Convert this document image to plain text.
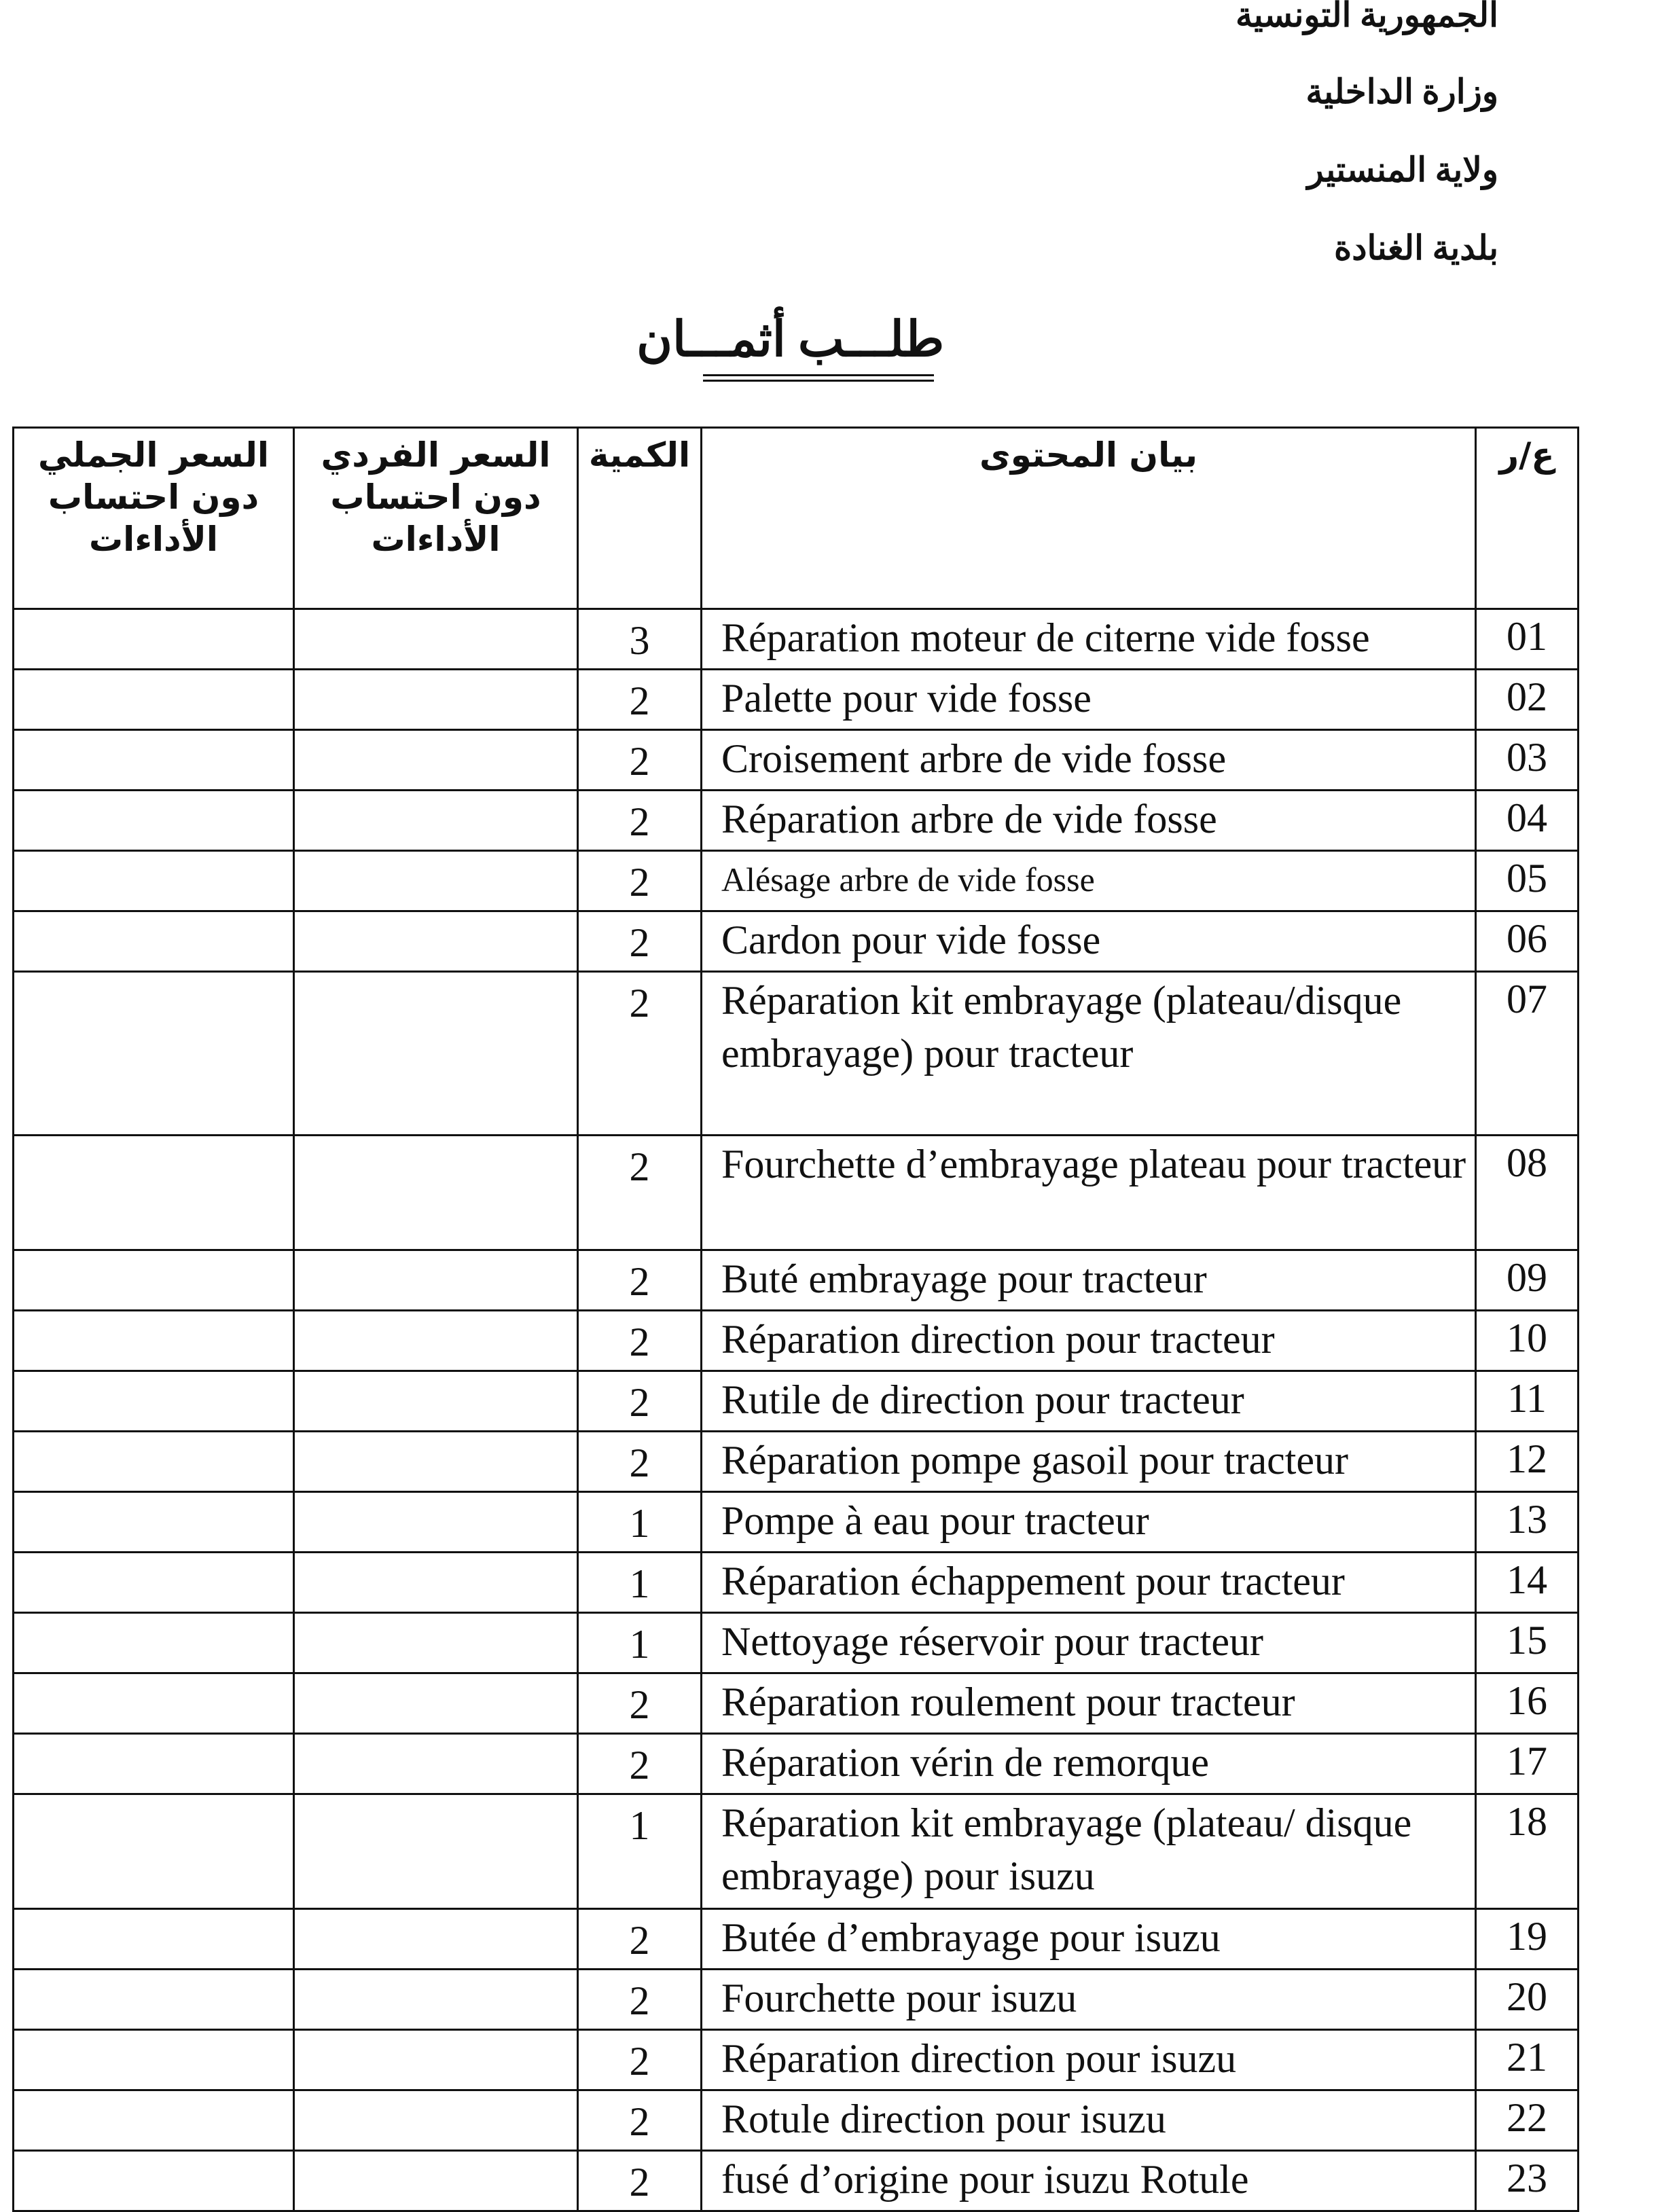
الجمهورية التونسية
وزارة الداخلية
ولاية المنستير
بلدية الغنادة
طلـــب أثمـــان
السعر الجملي دون احتساب الأداءات	السعر الفردي دون احتساب الأداءات	الكمية	بيان المحتوى	ع/ر
		3	Réparation moteur de citerne vide fosse	01
		2	Palette pour vide fosse	02
		2	Croisement arbre de vide fosse	03
		2	Réparation arbre de vide fosse	04
		2	Alésage arbre de vide fosse	05
		2	Cardon pour vide fosse	06
		2	Réparation kit embrayage (plateau/disque embrayage) pour tracteur	07
		2	Fourchette d’embrayage plateau pour tracteur	08
		2	Buté embrayage pour tracteur	09
		2	Réparation direction pour tracteur	10
		2	Rutile de direction pour tracteur	11
		2	Réparation pompe gasoil pour tracteur	12
		1	Pompe à eau pour tracteur	13
		1	Réparation échappement pour tracteur	14
		1	Nettoyage réservoir pour tracteur	15
		2	Réparation roulement pour tracteur	16
		2	Réparation vérin de remorque	17
		1	Réparation kit embrayage (plateau/ disque embrayage) pour isuzu	18
		2	Butée d’embrayage pour isuzu	19
		2	Fourchette pour isuzu	20
		2	Réparation direction pour isuzu	21
		2	Rotule direction pour isuzu	22
		2	fusé d’origine pour isuzu Rotule	23
